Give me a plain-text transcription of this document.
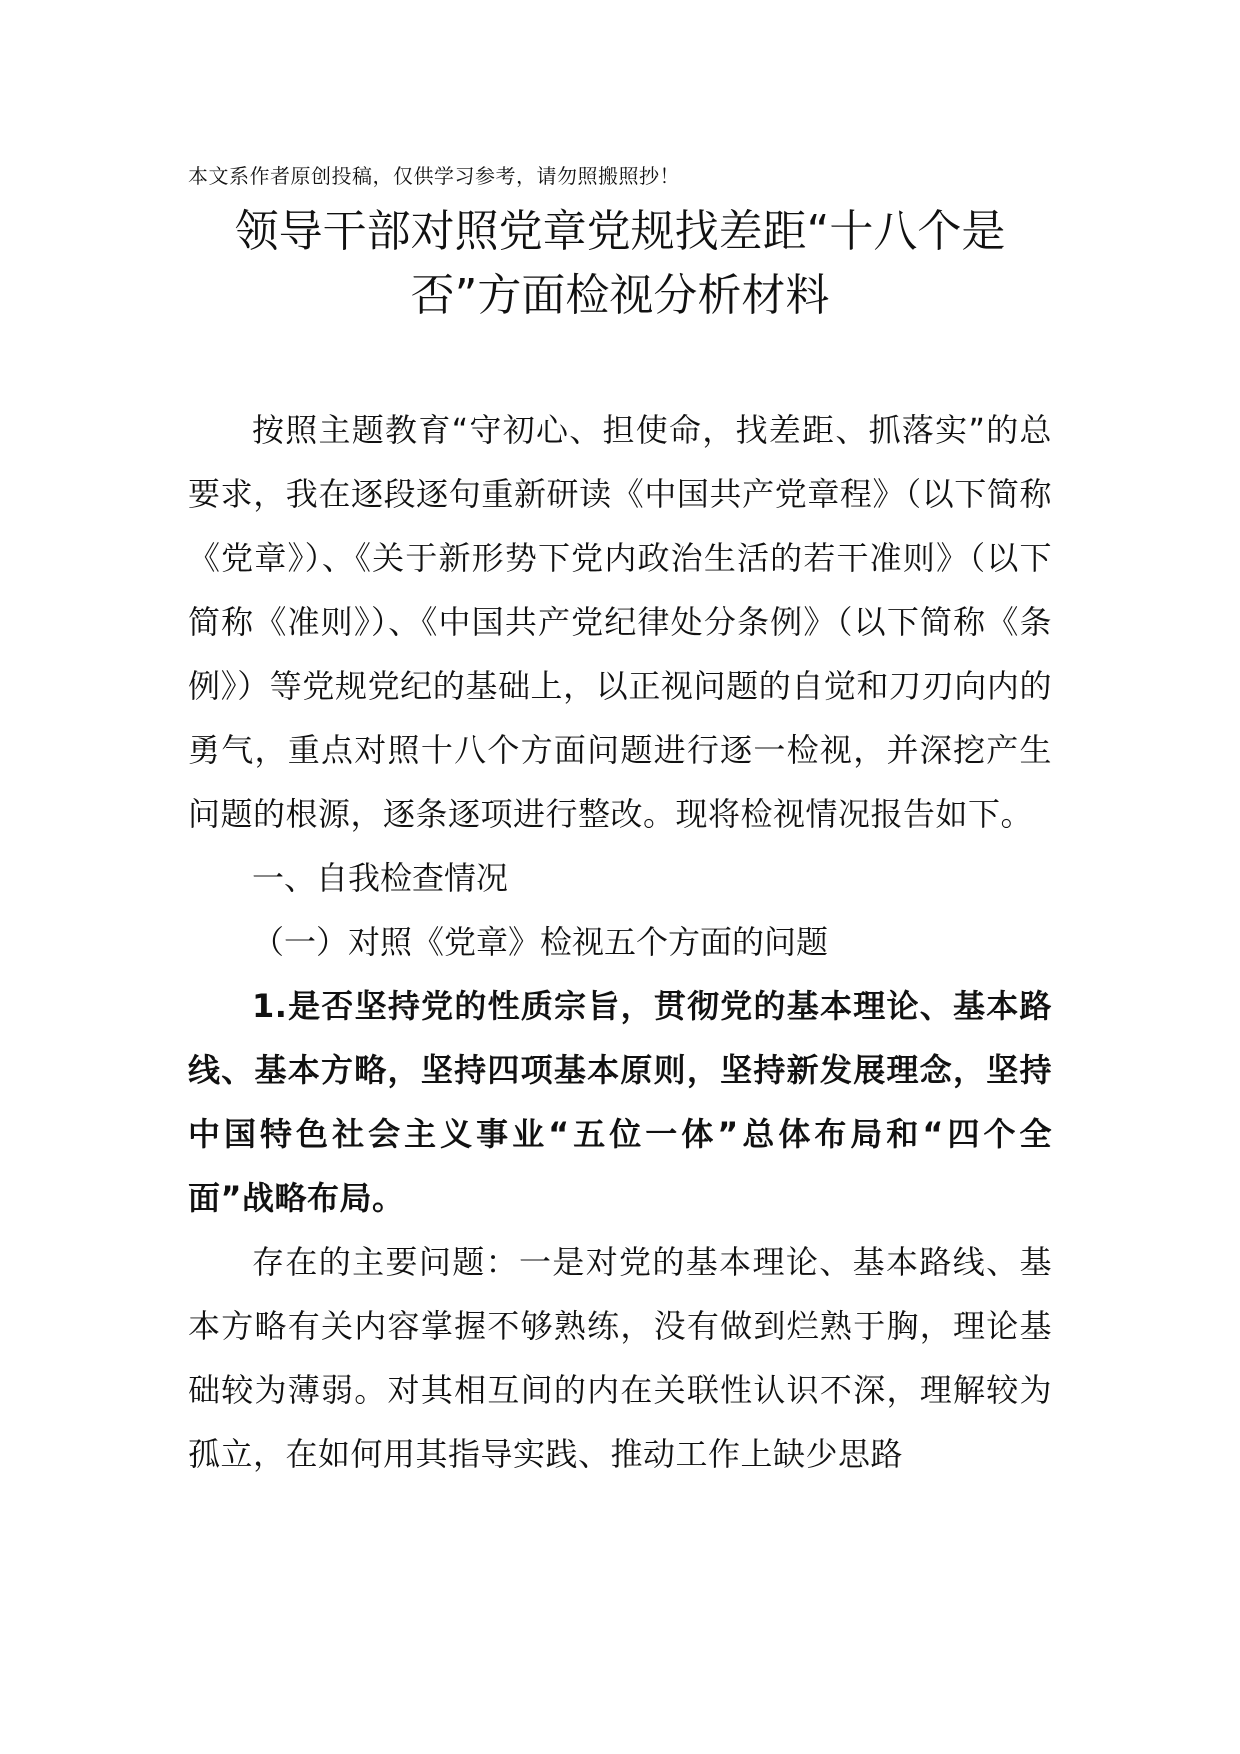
本文系作者原创投稿，仅供学习参考，请勿照搬照抄！
领导干部对照党章党规找差距“十八个是否”方面检视分析材料

按照主题教育“守初心、担使命，找差距、抓落实”的总要求，我在逐段逐句重新研读《中国共产党章程》（以下简称《党章》）、《关于新形势下党内政治生活的若干准则》（以下简称《准则》）、《中国共产党纪律处分条例》（以下简称《条例》）等党规党纪的基础上，以正视问题的自觉和刀刃向内的勇气，重点对照十八个方面问题进行逐一检视，并深挖产生问题的根源，逐条逐项进行整改。现将检视情况报告如下。

一、自我检查情况

（一）对照《党章》检视五个方面的问题

1.是否坚持党的性质宗旨，贯彻党的基本理论、基本路线、基本方略，坚持四项基本原则，坚持新发展理念，坚持中国特色社会主义事业“五位一体”总体布局和“四个全面”战略布局。

存在的主要问题：一是对党的基本理论、基本路线、基本方略有关内容掌握不够熟练，没有做到烂熟于胸，理论基础较为薄弱。对其相互间的内在关联性认识不深，理解较为孤立，在如何用其指导实践、推动工作上缺少思路
